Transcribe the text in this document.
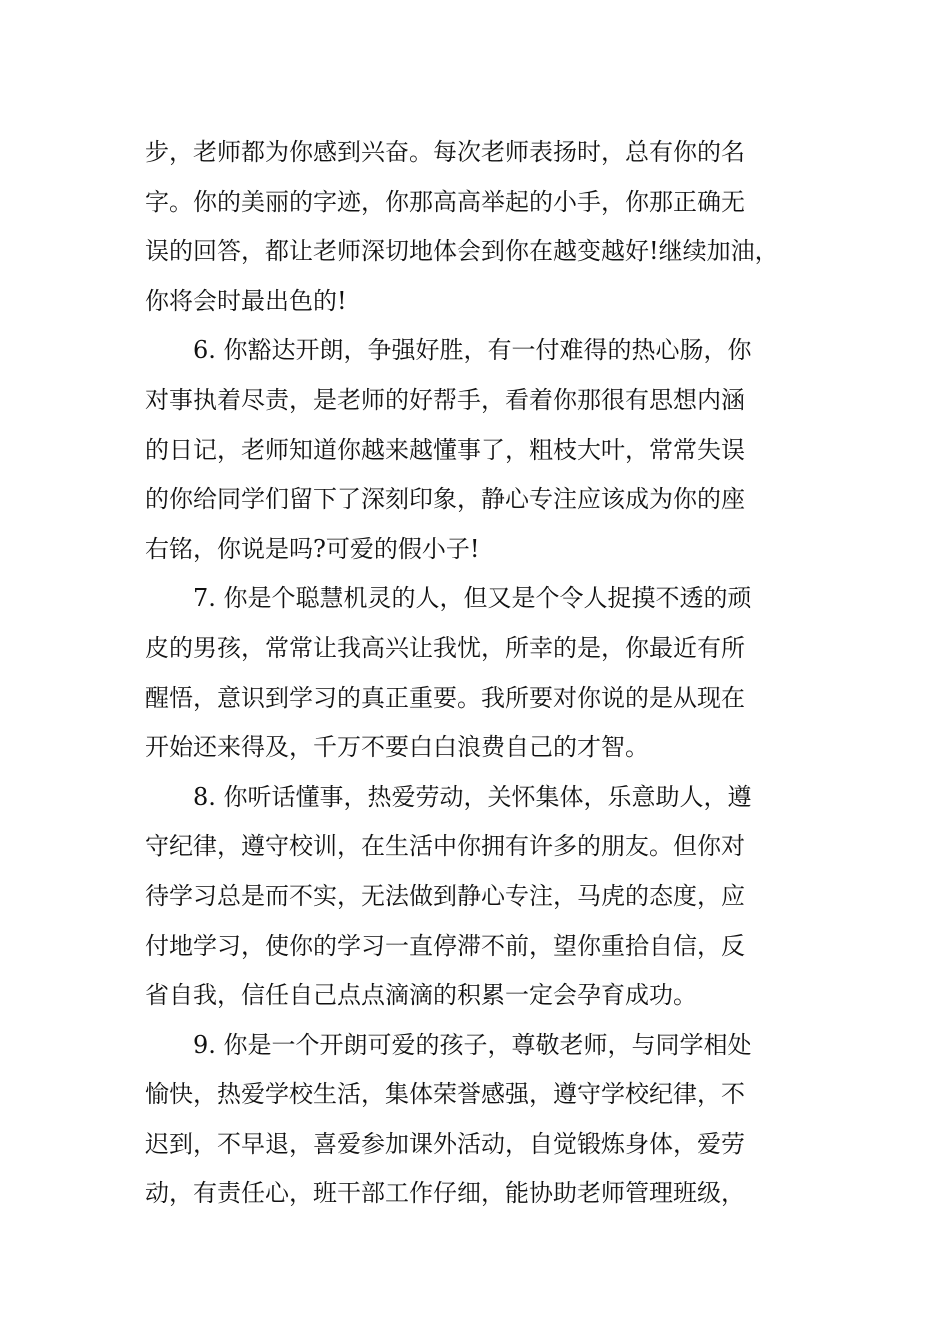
步，老师都为你感到兴奋。每次老师表扬时，总有你的名
字。你的美丽的字迹，你那高高举起的小手，你那正确无
误的回答，都让老师深切地体会到你在越变越好!继续加油，
你将会时最出色的!
6. 你豁达开朗，争强好胜，有一付难得的热心肠，你
对事执着尽责，是老师的好帮手，看着你那很有思想内涵
的日记，老师知道你越来越懂事了，粗枝大叶，常常失误
的你给同学们留下了深刻印象，静心专注应该成为你的座
右铭，你说是吗?可爱的假小子!
7. 你是个聪慧机灵的人，但又是个令人捉摸不透的顽
皮的男孩，常常让我高兴让我忧，所幸的是，你最近有所
醒悟，意识到学习的真正重要。我所要对你说的是从现在
开始还来得及，千万不要白白浪费自己的才智。
8. 你听话懂事，热爱劳动，关怀集体，乐意助人，遵
守纪律，遵守校训，在生活中你拥有许多的朋友。但你对
待学习总是而不实，无法做到静心专注，马虎的态度，应
付地学习，使你的学习一直停滞不前，望你重拾自信，反
省自我，信任自己点点滴滴的积累一定会孕育成功。
9. 你是一个开朗可爱的孩子，尊敬老师，与同学相处
愉快，热爱学校生活，集体荣誉感强，遵守学校纪律，不
迟到，不早退，喜爱参加课外活动，自觉锻炼身体，爱劳
动，有责任心，班干部工作仔细，能协助老师管理班级，
